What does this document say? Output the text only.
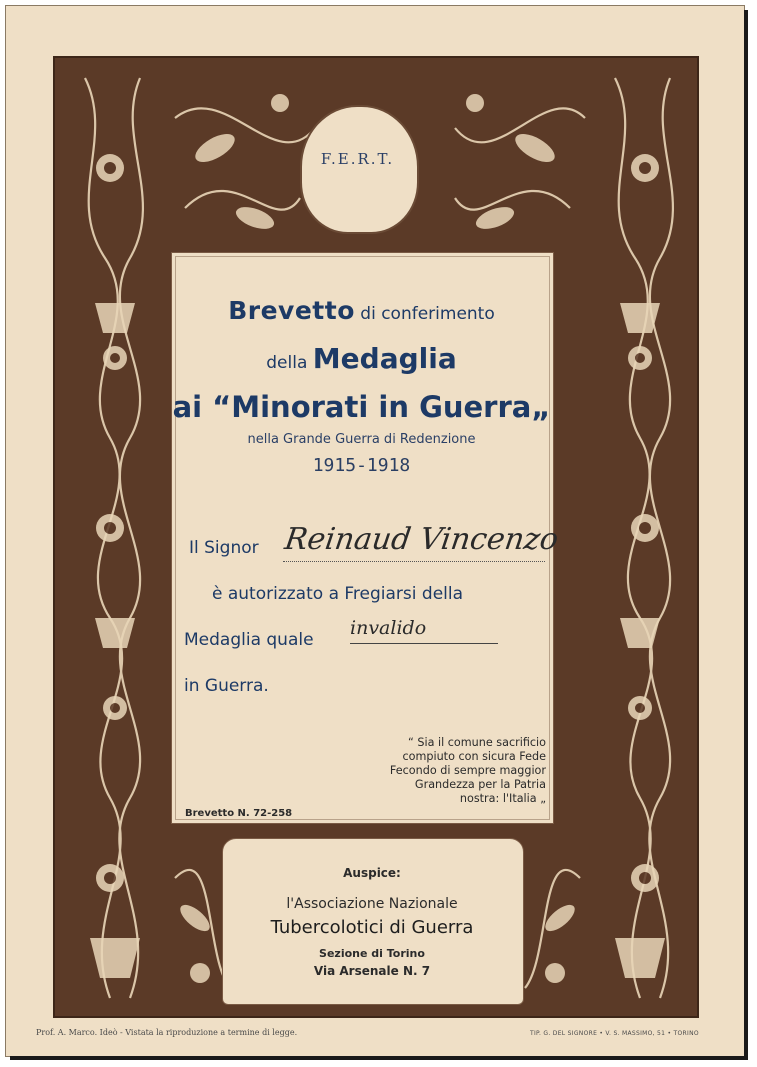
F.E.R.T.
Brevetto di conferimento
della Medaglia
ai “Minorati in Guerra„
nella Grande Guerra di Redenzione
1915-1918
Il Signor Reinaud Vincenzo
è autorizzato a Fregiarsi della
Medaglia quale
invalido
in Guerra.
“ Sia il comune sacrificio compiuto con sicura Fede Fecondo di sempre maggior Grandezza per la Patria nostra: l'Italia „
Brevetto N. 72-258
Auspice:
l'Associazione Nazionale
Tubercolotici di Guerra
Sezione di Torino
Via Arsenale N. 7
Prof. A. Marco. Ideò - Vistata la riproduzione a termine di legge.	TIP. G. DEL SIGNORE • V. S. MASSIMO, 51 • TORINO
